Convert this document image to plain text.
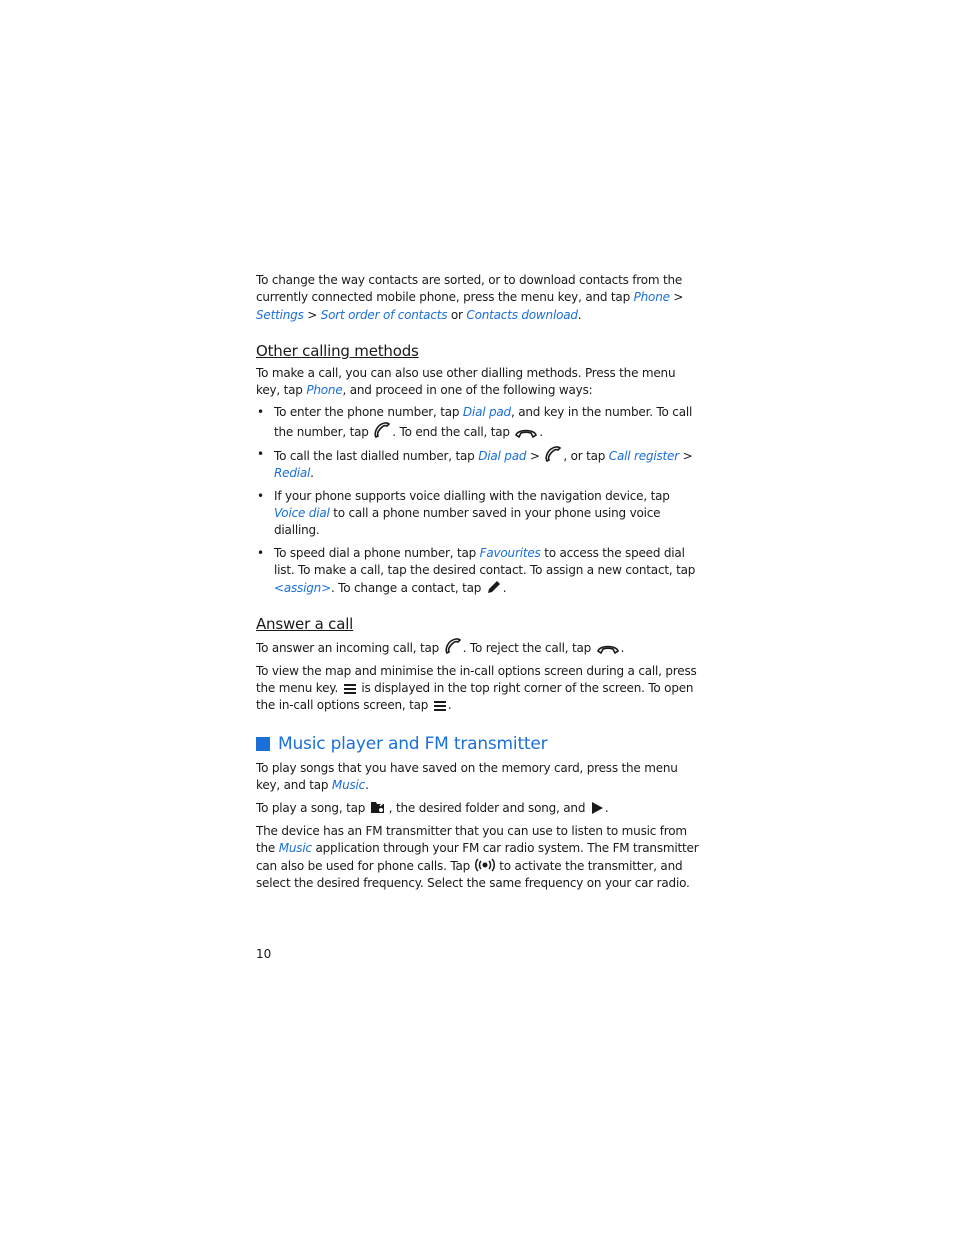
To change the way contacts are sorted, or to download contacts from the currently connected mobile phone, press the menu key, and tap Phone > Settings > Sort order of contacts or Contacts download.

Other calling methods

To make a call, you can also use other dialling methods. Press the menu key, tap Phone, and proceed in one of the following ways:

• To enter the phone number, tap Dial pad, and key in the number. To call the number, tap . To end the call, tap .
• To call the last dialled number, tap Dial pad > , or tap Call register > Redial.
• If your phone supports voice dialling with the navigation device, tap Voice dial to call a phone number saved in your phone using voice dialling.
• To speed dial a phone number, tap Favourites to access the speed dial list. To make a call, tap the desired contact. To assign a new contact, tap <assign>. To change a contact, tap .
Answer a call

To answer an incoming call, tap . To reject the call, tap .

To view the map and minimise the in-call options screen during a call, press the menu key.  is displayed in the top right corner of the screen. To open the in-call options screen, tap .

Music player and FM transmitter

To play songs that you have saved on the memory card, press the menu key, and tap Music.

To play a song, tap , the desired folder and song, and .

The device has an FM transmitter that you can use to listen to music from the Music application through your FM car radio system. The FM transmitter can also be used for phone calls. Tap  to activate the transmitter, and select the desired frequency. Select the same frequency on your car radio.

10
